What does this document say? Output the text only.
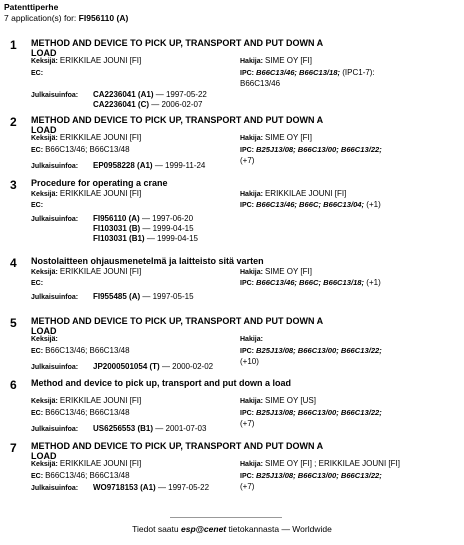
Patenttiperhe
7 application(s) for: FI956110 (A)
1 METHOD AND DEVICE TO PICK UP, TRANSPORT AND PUT DOWN A LOAD
Keksijä: ERIKKILAE JOUNI [FI]	Hakija: SIME OY [FI]
EC:	IPC: B66C13/46; B66C13/18; (IPC1-7): B66C13/46
Julkaisuinfoa: CA2236041 (A1) — 1997-05-22
CA2236041 (C) — 2006-02-07
2 METHOD AND DEVICE TO PICK UP, TRANSPORT AND PUT DOWN A LOAD
Keksijä: ERIKKILAE JOUNI [FI]	Hakija: SIME OY [FI]
EC: B66C13/46; B66C13/48	IPC: B25J13/08; B66C13/00; B66C13/22; (+7)
Julkaisuinfoa: EP0958228 (A1) — 1999-11-24
3 Procedure for operating a crane
Keksijä: ERIKKILAE JOUNI [FI]	Hakija: ERIKKILAE JOUNI [FI]
EC:	IPC: B66C13/46; B66C; B66C13/04; (+1)
Julkaisuinfoa: FI956110 (A) — 1997-06-20
FI103031 (B) — 1999-04-15
FI103031 (B1) — 1999-04-15
4 Nostolaitteen ohjausmenetelmä ja laitteisto sitä varten
Keksijä: ERIKKILAE JOUNI [FI]	Hakija: SIME OY [FI]
EC:	IPC: B66C13/46; B66C; B66C13/18; (+1)
Julkaisuinfoa: FI955485 (A) — 1997-05-15
5 METHOD AND DEVICE TO PICK UP, TRANSPORT AND PUT DOWN A LOAD
Keksijä:	Hakija:
EC: B66C13/46; B66C13/48	IPC: B25J13/08; B66C13/00; B66C13/22; (+10)
Julkaisuinfoa: JP2000501054 (T) — 2000-02-02
6 Method and device to pick up, transport and put down a load
Keksijä: ERIKKILAE JOUNI [FI]	Hakija: SIME OY [US]
EC: B66C13/46; B66C13/48	IPC: B25J13/08; B66C13/00; B66C13/22; (+7)
Julkaisuinfoa: US6256553 (B1) — 2001-07-03
7 METHOD AND DEVICE TO PICK UP, TRANSPORT AND PUT DOWN A LOAD
Keksijä: ERIKKILAE JOUNI [FI]	Hakija: SIME OY [FI] ; ERIKKILAE JOUNI [FI]
EC: B66C13/46; B66C13/48	IPC: B25J13/08; B66C13/00; B66C13/22; (+7)
Julkaisuinfoa: WO9718153 (A1) — 1997-05-22
Tiedot saatu esp@cenet tietokannasta — Worldwide
